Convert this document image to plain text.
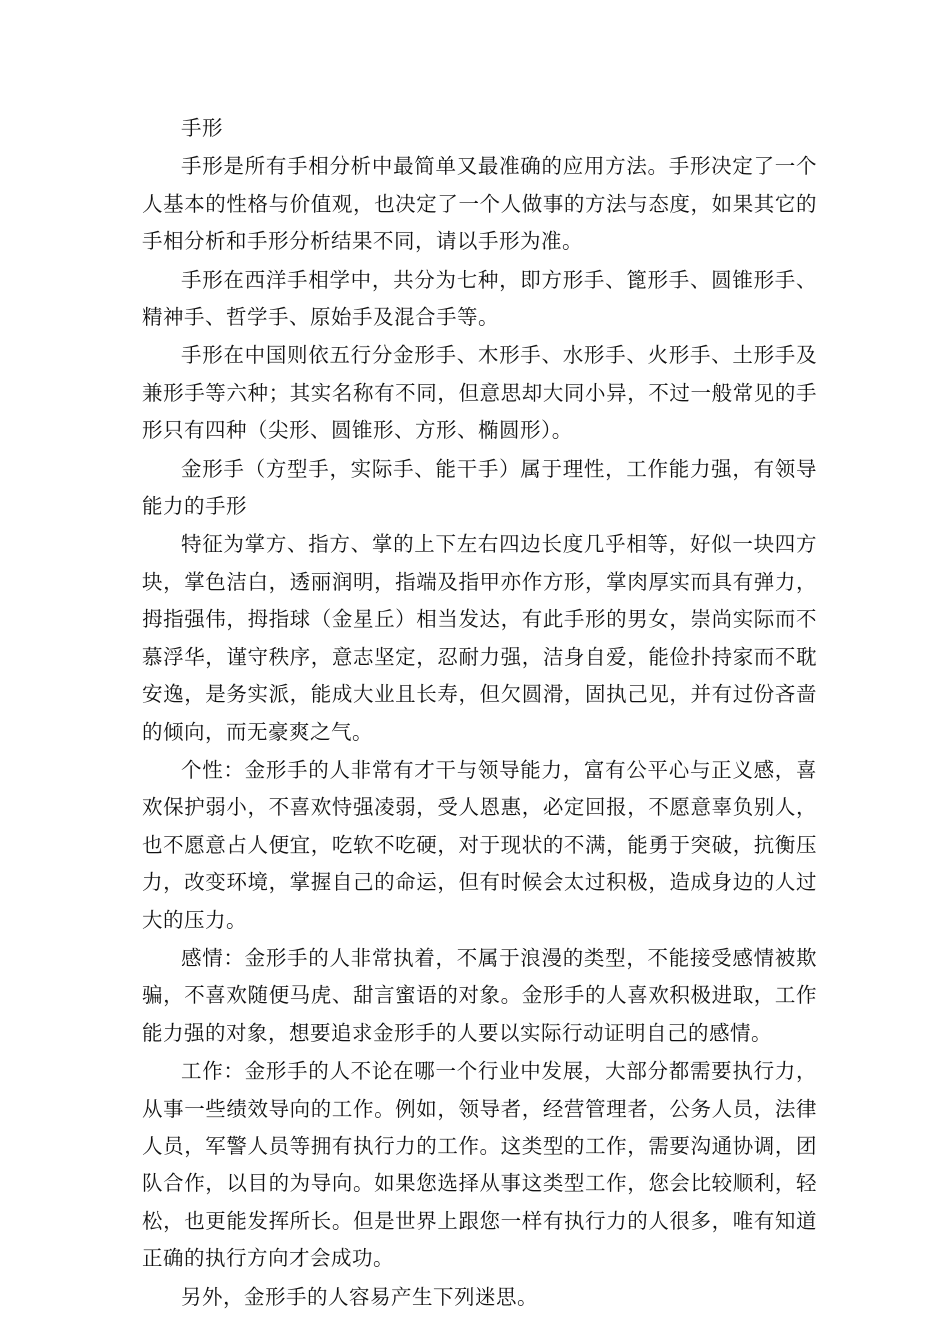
手形

手形是所有手相分析中最简单又最准确的应用方法。手形决定了一个人基本的性格与价值观，也决定了一个人做事的方法与态度，如果其它的手相分析和手形分析结果不同，请以手形为准。

手形在西洋手相学中，共分为七种，即方形手、篦形手、圆锥形手、精神手、哲学手、原始手及混合手等。

手形在中国则依五行分金形手、木形手、水形手、火形手、土形手及兼形手等六种；其实名称有不同，但意思却大同小异，不过一般常见的手形只有四种（尖形、圆锥形、方形、椭圆形）。

金形手（方型手，实际手、能干手）属于理性，工作能力强，有领导能力的手形

特征为掌方、指方、掌的上下左右四边长度几乎相等，好似一块四方块，掌色洁白，透丽润明，指端及指甲亦作方形，掌肉厚实而具有弹力，拇指强伟，拇指球（金星丘）相当发达，有此手形的男女，崇尚实际而不慕浮华，谨守秩序，意志坚定，忍耐力强，洁身自爱，能俭扑持家而不耽安逸，是务实派，能成大业且长寿，但欠圆滑，固执己见，并有过份吝啬的倾向，而无豪爽之气。

个性：金形手的人非常有才干与领导能力，富有公平心与正义感，喜欢保护弱小，不喜欢恃强凌弱，受人恩惠，必定回报，不愿意辜负别人，也不愿意占人便宜，吃软不吃硬，对于现状的不满，能勇于突破，抗衡压力，改变环境，掌握自己的命运，但有时候会太过积极，造成身边的人过大的压力。

感情：金形手的人非常执着，不属于浪漫的类型，不能接受感情被欺骗，不喜欢随便马虎、甜言蜜语的对象。金形手的人喜欢积极进取，工作能力强的对象，想要追求金形手的人要以实际行动证明自己的感情。

工作：金形手的人不论在哪一个行业中发展，大部分都需要执行力，从事一些绩效导向的工作。例如，领导者，经营管理者，公务人员，法律人员，军警人员等拥有执行力的工作。这类型的工作，需要沟通协调，团队合作，以目的为导向。如果您选择从事这类型工作，您会比较顺利，轻松，也更能发挥所长。但是世界上跟您一样有执行力的人很多，唯有知道正确的执行方向才会成功。

另外，金形手的人容易产生下列迷思。
